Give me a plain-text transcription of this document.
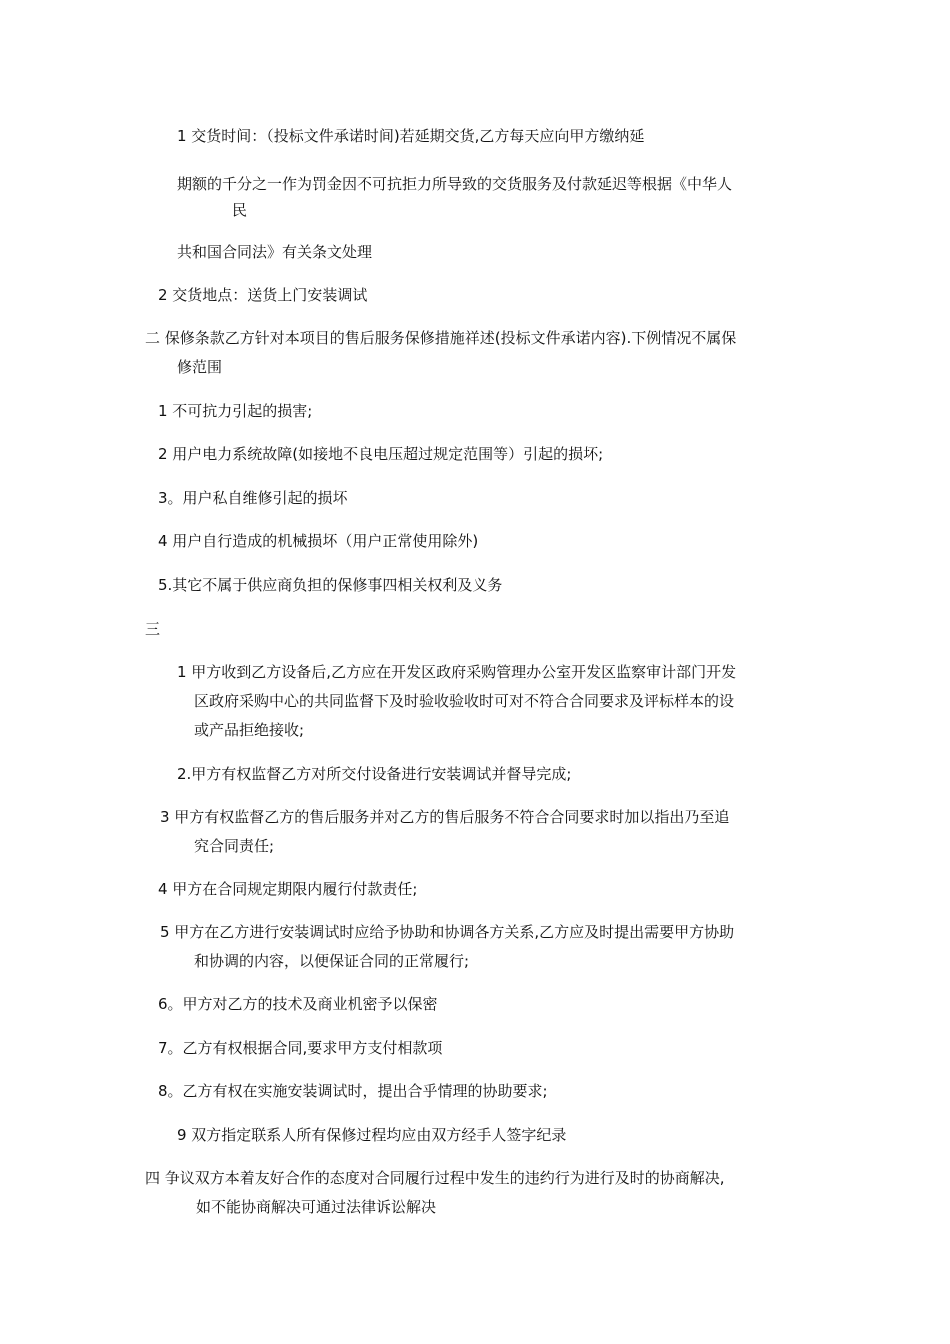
1 交货时间：（投标文件承诺时间)若延期交货,乙方每天应向甲方缴纳延
期额的千分之一作为罚金因不可抗拒力所导致的交货服务及付款延迟等根据《中华人
民
共和国合同法》有关条文处理
2 交货地点：送货上门安装调试
二 保修条款乙方针对本项目的售后服务保修措施祥述(投标文件承诺内容).下例情况不属保
修范围
1 不可抗力引起的损害;
2 用户电力系统故障(如接地不良电压超过规定范围等）引起的损坏;
3。用户私自维修引起的损坏
4 用户自行造成的机械损坏（用户正常使用除外)
5.其它不属于供应商负担的保修事四相关权利及义务
三
1 甲方收到乙方设备后,乙方应在开发区政府采购管理办公室开发区监察审计部门开发
区政府采购中心的共同监督下及时验收验收时可对不符合合同要求及评标样本的设
或产品拒绝接收;
2.甲方有权监督乙方对所交付设备进行安装调试并督导完成;
3 甲方有权监督乙方的售后服务并对乙方的售后服务不符合合同要求时加以指出乃至追
究合同责任;
4 甲方在合同规定期限内履行付款责任;
5 甲方在乙方进行安装调试时应给予协助和协调各方关系,乙方应及时提出需要甲方协助
和协调的内容，以便保证合同的正常履行;
6。甲方对乙方的技术及商业机密予以保密
7。乙方有权根据合同,要求甲方支付相款项
8。乙方有权在实施安装调试时，提出合乎情理的协助要求;
9 双方指定联系人所有保修过程均应由双方经手人签字纪录
四 争议双方本着友好合作的态度对合同履行过程中发生的违约行为进行及时的协商解决,
如不能协商解决可通过法律诉讼解决
